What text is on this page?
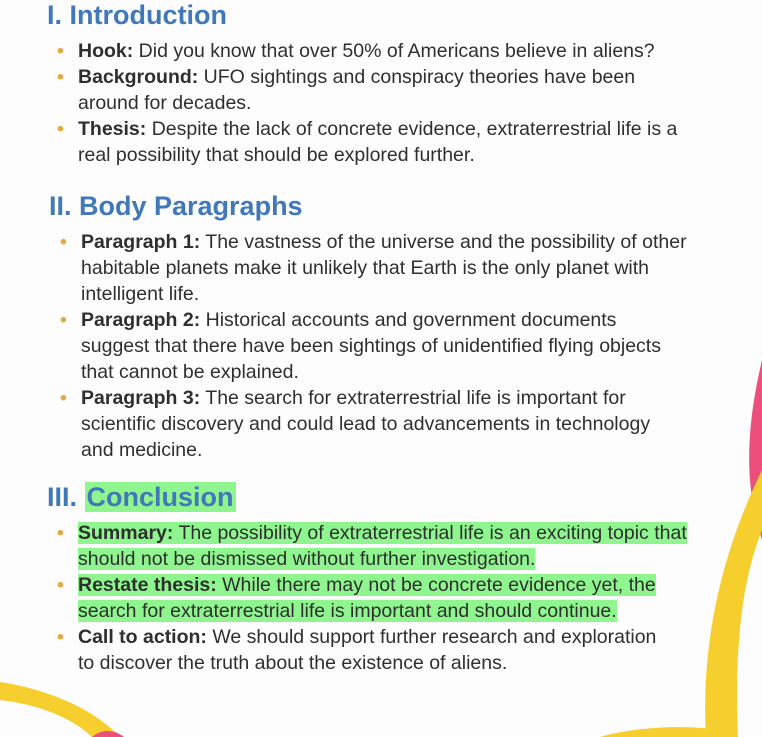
I. Introduction
• Hook: Did you know that over 50% of Americans believe in aliens?
• Background: UFO sightings and conspiracy theories have been around for decades.
• Thesis: Despite the lack of concrete evidence, extraterrestrial life is a real possibility that should be explored further.
II. Body Paragraphs
• Paragraph 1: The vastness of the universe and the possibility of other habitable planets make it unlikely that Earth is the only planet with intelligent life.
• Paragraph 2: Historical accounts and government documents suggest that there have been sightings of unidentified flying objects that cannot be explained.
• Paragraph 3: The search for extraterrestrial life is important for scientific discovery and could lead to advancements in technology and medicine.
III. Conclusion
• Summary: The possibility of extraterrestrial life is an exciting topic that should not be dismissed without further investigation.
• Restate thesis: While there may not be concrete evidence yet, the search for extraterrestrial life is important and should continue.
• Call to action: We should support further research and exploration to discover the truth about the existence of aliens.
